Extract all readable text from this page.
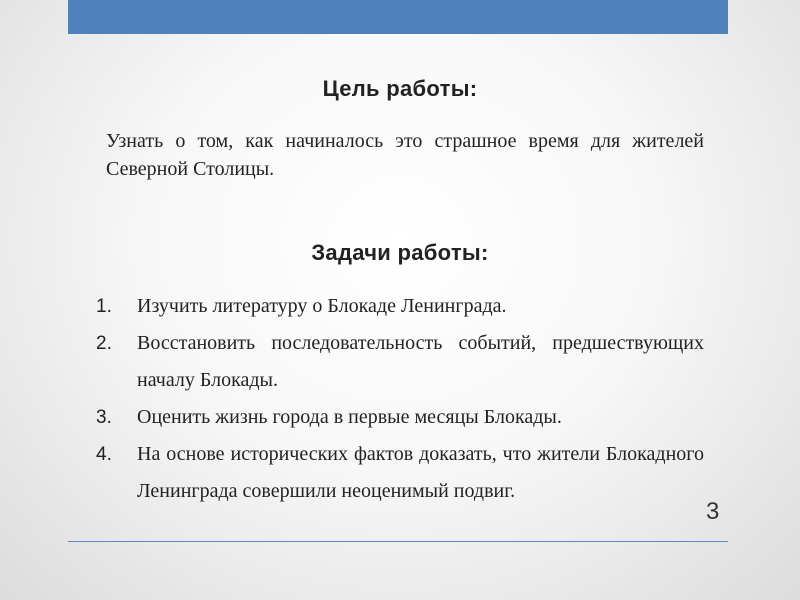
Цель работы:
Узнать о том, как начиналось это страшное время для жителей Северной Столицы.
Задачи работы:
1. Изучить литературу о Блокаде Ленинграда.
2. Восстановить последовательность событий, предшествующих началу Блокады.
3. Оценить жизнь города в первые месяцы Блокады.
4. На основе исторических фактов доказать, что жители Блокадного Ленинграда совершили неоценимый подвиг.
3
